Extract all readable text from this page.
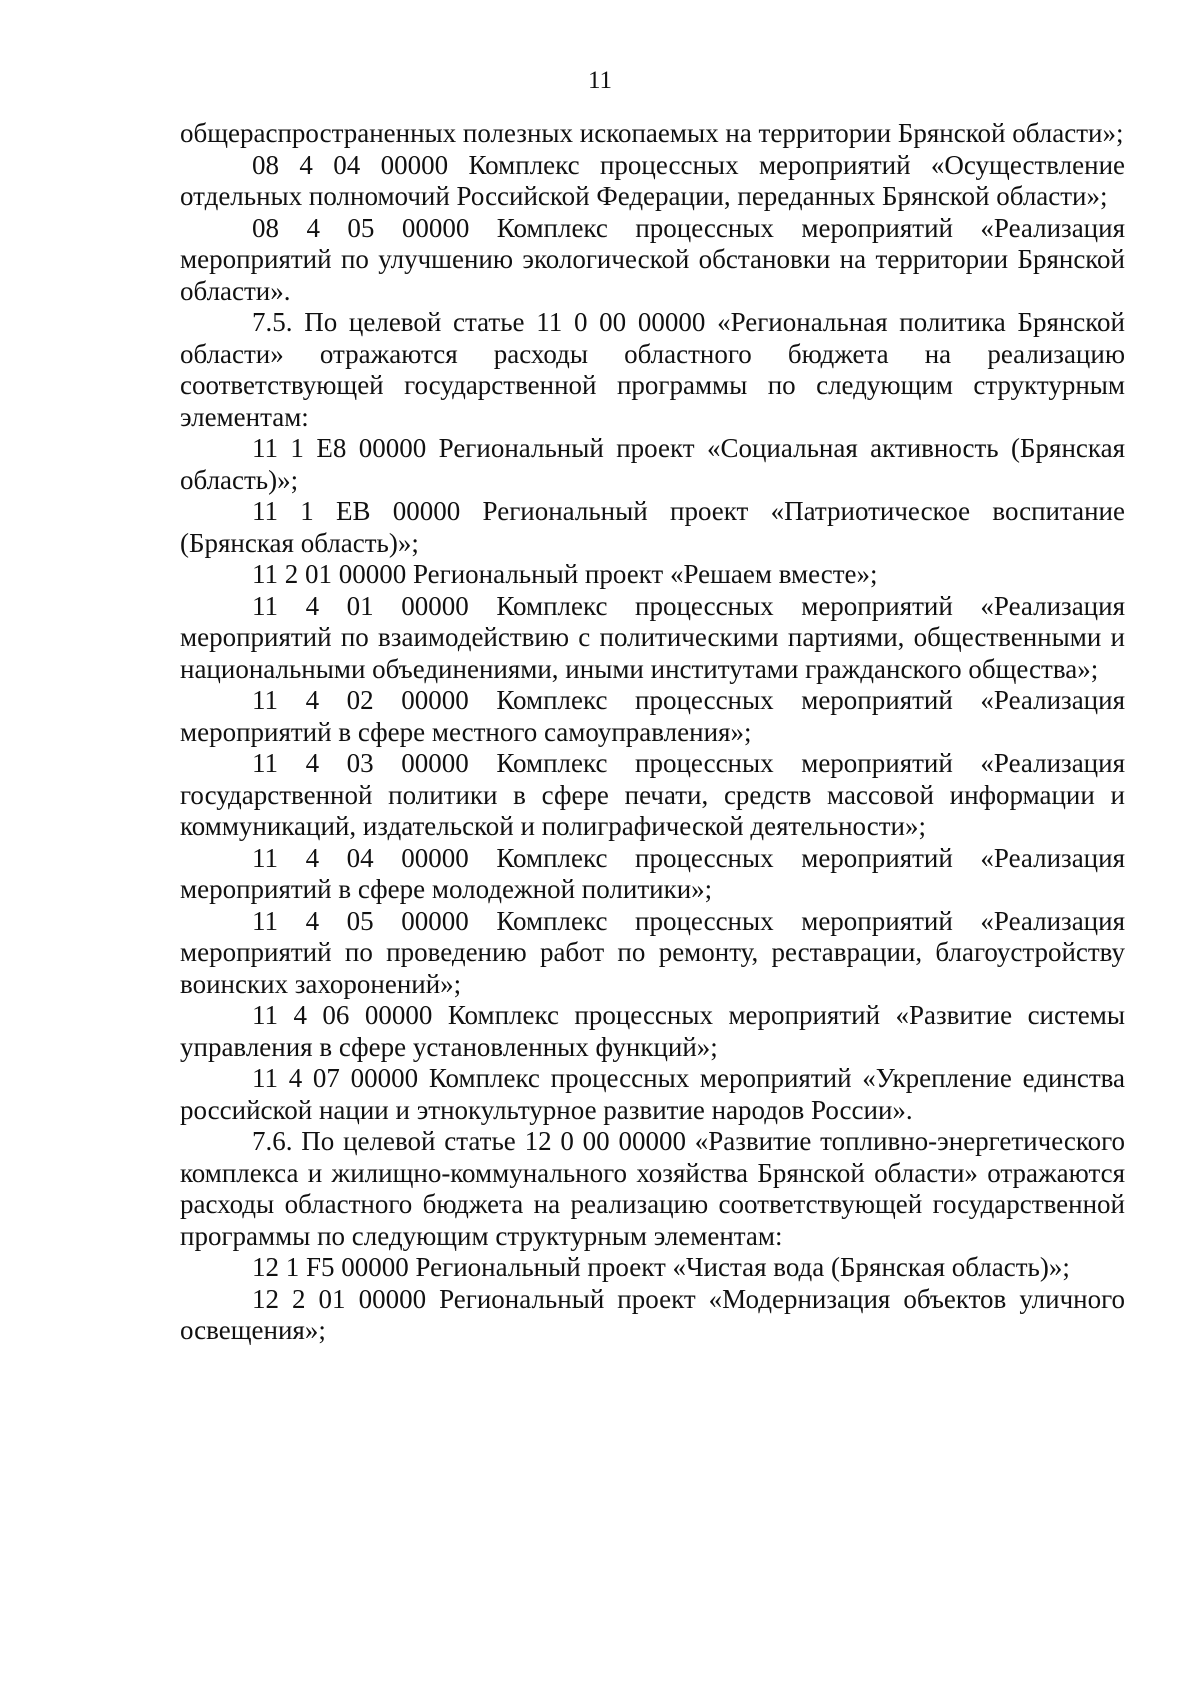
11

общераспространенных полезных ископаемых на территории Брянской области»;

08 4 04 00000 Комплекс процессных мероприятий «Осуществление отдельных полномочий Российской Федерации, переданных Брянской области»;

08 4 05 00000 Комплекс процессных мероприятий «Реализация мероприятий по улучшению экологической обстановки на территории Брянской области».

7.5. По целевой статье 11 0 00 00000 «Региональная политика Брянской области» отражаются расходы областного бюджета на реализацию соответствующей государственной программы по следующим структурным элементам:

11 1 Е8 00000 Региональный проект «Социальная активность (Брянская область)»;

11 1 ЕВ 00000 Региональный проект «Патриотическое воспитание (Брянская область)»;

11 2 01 00000 Региональный проект «Решаем вместе»;

11 4 01 00000 Комплекс процессных мероприятий «Реализация мероприятий по взаимодействию с политическими партиями, общественными и национальными объединениями, иными институтами гражданского общества»;

11 4 02 00000 Комплекс процессных мероприятий «Реализация мероприятий в сфере местного самоуправления»;

11 4 03 00000 Комплекс процессных мероприятий «Реализация государственной политики в сфере печати, средств массовой информации и коммуникаций, издательской и полиграфической деятельности»;

11 4 04 00000 Комплекс процессных мероприятий «Реализация мероприятий в сфере молодежной политики»;

11 4 05 00000 Комплекс процессных мероприятий «Реализация мероприятий по проведению работ по ремонту, реставрации, благоустройству воинских захоронений»;

11 4 06 00000 Комплекс процессных мероприятий «Развитие системы управления в сфере установленных функций»;

11 4 07 00000 Комплекс процессных мероприятий «Укрепление единства российской нации и этнокультурное развитие народов России».

7.6. По целевой статье 12 0 00 00000 «Развитие топливно-энергетического комплекса и жилищно-коммунального хозяйства Брянской области» отражаются расходы областного бюджета на реализацию соответствующей государственной программы по следующим структурным элементам:

12 1 F5 00000 Региональный проект «Чистая вода (Брянская область)»;

12 2 01 00000 Региональный проект «Модернизация объектов уличного освещения»;
